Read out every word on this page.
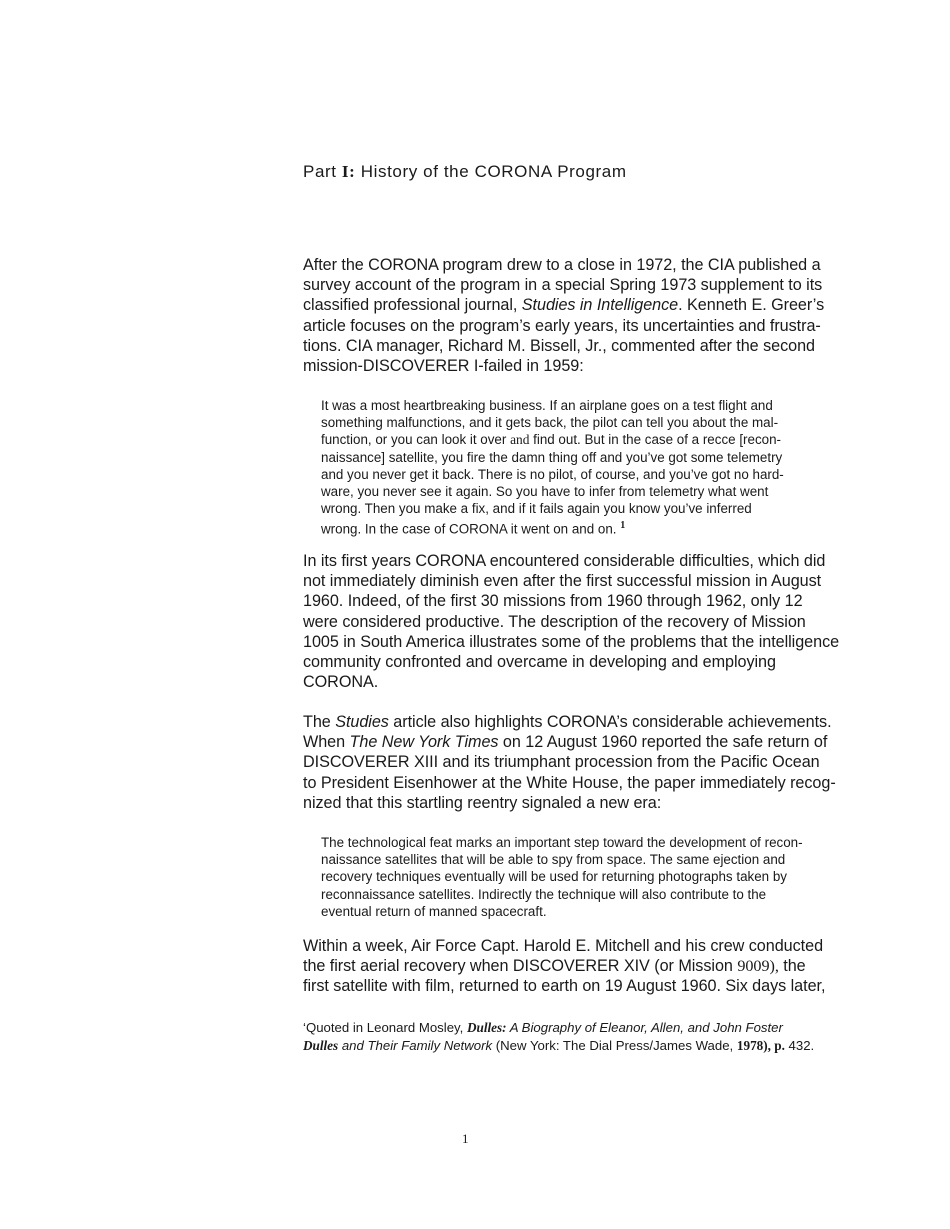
Part I: History of the CORONA Program
After the CORONA program drew to a close in 1972, the CIA published a
survey account of the program in a special Spring 1973 supplement to its
classified professional journal, Studies in Intelligence. Kenneth E. Greer’s
article focuses on the program’s early years, its uncertainties and frustra-
tions. CIA manager, Richard M. Bissell, Jr., commented after the second
mission-DISCOVERER I-failed in 1959:
It was a most heartbreaking business. If an airplane goes on a test flight and
something malfunctions, and it gets back, the pilot can tell you about the mal-
function, or you can look it over and find out. But in the case of a recce [recon-
naissance] satellite, you fire the damn thing off and you’ve got some telemetry
and you never get it back. There is no pilot, of course, and you’ve got no hard-
ware, you never see it again. So you have to infer from telemetry what went
wrong. Then you make a fix, and if it fails again you know you’ve inferred
wrong. In the case of CORONA it went on and on. $^1$
In its first years CORONA encountered considerable difficulties, which did
not immediately diminish even after the first successful mission in August
1960. Indeed, of the first 30 missions from 1960 through 1962, only 12
were considered productive. The description of the recovery of Mission
1005 in South America illustrates some of the problems that the intelligence
community confronted and overcame in developing and employing
CORONA.
The Studies article also highlights CORONA’s considerable achievements.
When The New York Times on 12 August 1960 reported the safe return of
DISCOVERER XIII and its triumphant procession from the Pacific Ocean
to President Eisenhower at the White House, the paper immediately recog-
nized that this startling reentry signaled a new era:
The technological feat marks an important step toward the development of recon-
naissance satellites that will be able to spy from space. The same ejection and
recovery techniques eventually will be used for returning photographs taken by
reconnaissance satellites. Indirectly the technique will also contribute to the
eventual return of manned spacecraft.
Within a week, Air Force Capt. Harold E. Mitchell and his crew conducted
the first aerial recovery when DISCOVERER XIV (or Mission 9009), the
first satellite with film, returned to earth on 19 August 1960. Six days later,
‘Quoted in Leonard Mosley, Dulles: A Biography of Eleanor, Allen, and John Foster
Dulles and Their Family Network (New York: The Dial Press/James Wade, 1978), p. 432.
1
